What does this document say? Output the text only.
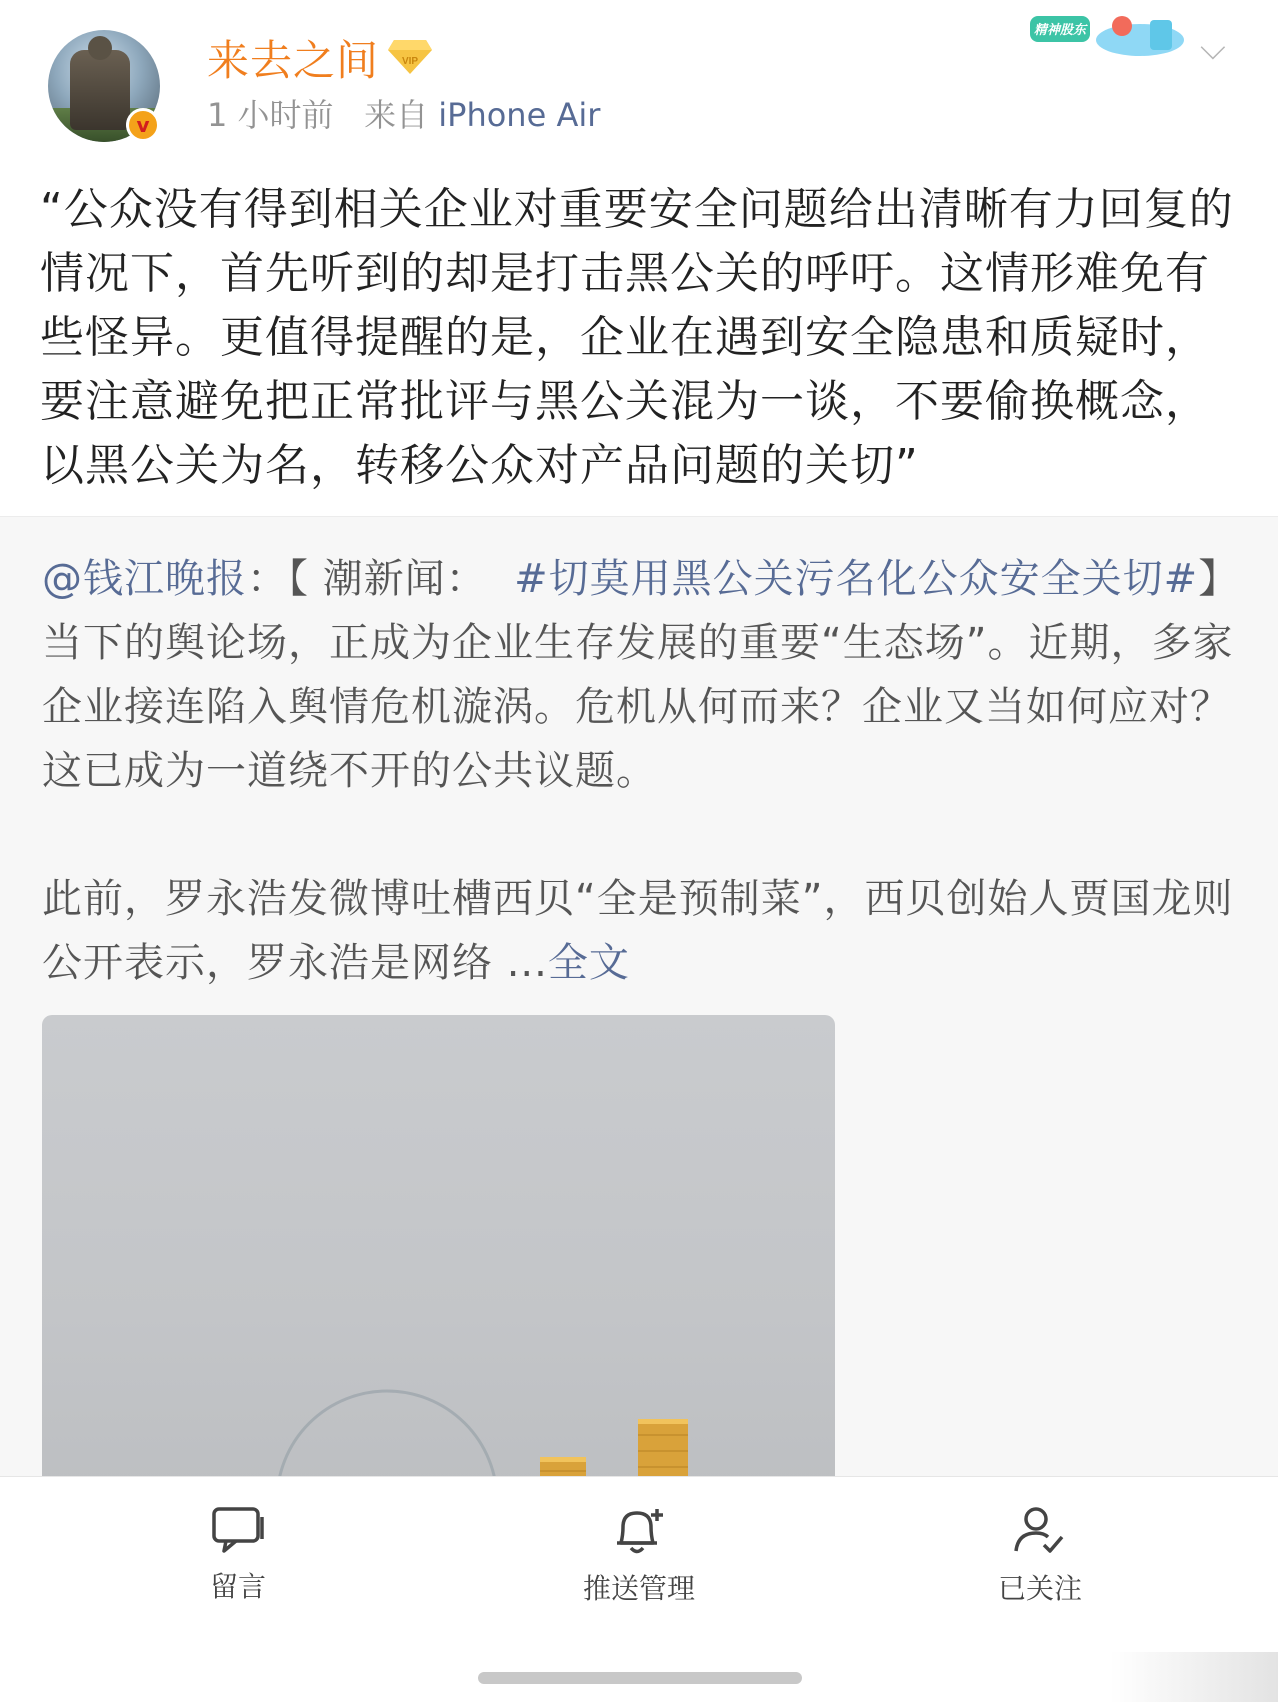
v
来去之间 VIP
1 小时前 来自 iPhone Air
精神股东	⌵
“公众没有得到相关企业对重要安全问题给出清晰有力回复的情况下，首先听到的却是打击黑公关的呼吁。这情形难免有些怪异。更值得提醒的是，企业在遇到安全隐患和质疑时，要注意避免把正常批评与黑公关混为一谈，不要偷换概念，以黑公关为名，转移公众对产品问题的关切”
@钱江晚报：【 潮新闻： #切莫用黑公关污名化公众安全关切#】 当下的舆论场，正成为企业生存发展的重要“生态场”。近期，多家企业接连陷入舆情危机漩涡。危机从何而来？企业又当如何应对？这已成为一道绕不开的公共议题。
此前，罗永浩发微博吐槽西贝“全是预制菜”，西贝创始人贾国龙则公开表示，罗永浩是网络 ...全文
留言	推送管理	已关注
